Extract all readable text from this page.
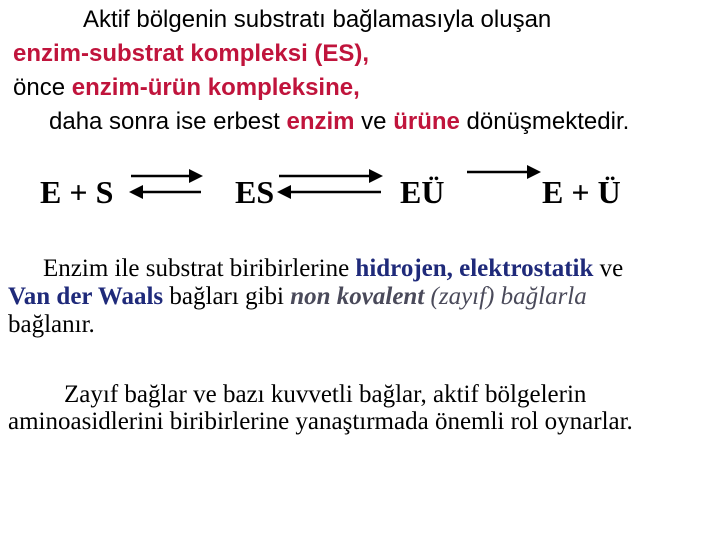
Aktif bölgenin substratı bağlamasıyla oluşan
enzim-substrat kompleksi (ES),
önce enzim-ürün kompleksine,
daha sonra ise erbest enzim ve ürüne dönüşmektedir.
E + S	ES	EÜ	E + Ü
Enzim ile substrat biribirlerine hidrojen, elektrostatik ve
Van der Waals bağları gibi non kovalent (zayıf) bağlarla
bağlanır.
Zayıf bağlar ve bazı kuvvetli bağlar, aktif bölgelerin
aminoasidlerini biribirlerine yanaştırmada önemli rol oynarlar.
